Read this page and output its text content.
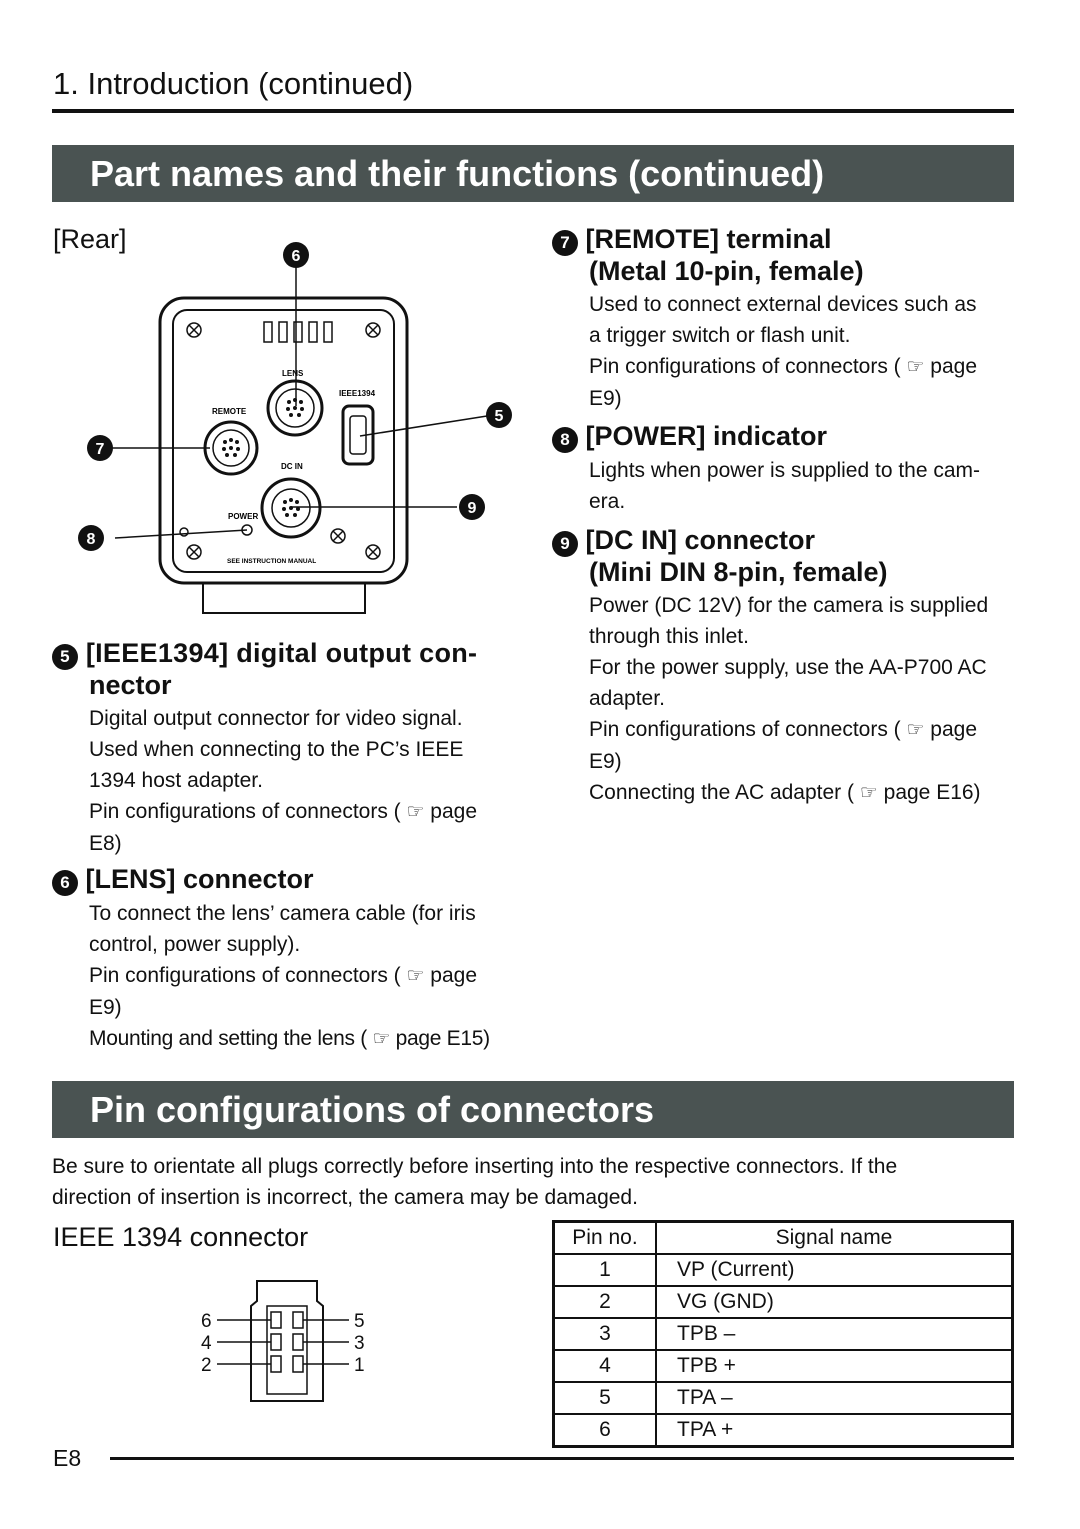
1. Introduction (continued)
Part names and their functions (continued)
[Rear]
LENS
IEEE1394
REMOTE
DC IN
POWER
SEE INSTRUCTION MANUAL
6
5
7
8
9
5 [IEEE1394] digital output con-
nector
Digital output connector for video signal.
Used when connecting to the PC’s IEEE
1394 host adapter.
Pin configurations of connectors ( ☞ page
E8)
6 [LENS] connector
To connect the lens’ camera cable (for iris
control, power supply).
Pin configurations of connectors ( ☞ page
E9)
Mounting and setting the lens ( ☞ page E15)
7 [REMOTE] terminal
(Metal 10-pin, female)
Used to connect external devices such as
a trigger switch or flash unit.
Pin configurations of connectors ( ☞ page
E9)
8 [POWER] indicator
Lights when power is supplied to the cam-
era.
9 [DC IN] connector
(Mini DIN 8-pin, female)
Power (DC 12V) for the camera is supplied
through this inlet.
For the power supply, use the AA-P700 AC
adapter.
Pin configurations of connectors ( ☞ page
E9)
Connecting the AC adapter ( ☞ page E16)
Pin configurations of connectors
Be sure to orientate all plugs correctly before inserting into the respective connectors. If the
direction of insertion is incorrect, the camera may be damaged.
IEEE 1394 connector
6
4
2
5
3
1
Pin no.	Signal name
1	VP (Current)
2	VG (GND)
3	TPB –
4	TPB +
5	TPA –
6	TPA +
E8
